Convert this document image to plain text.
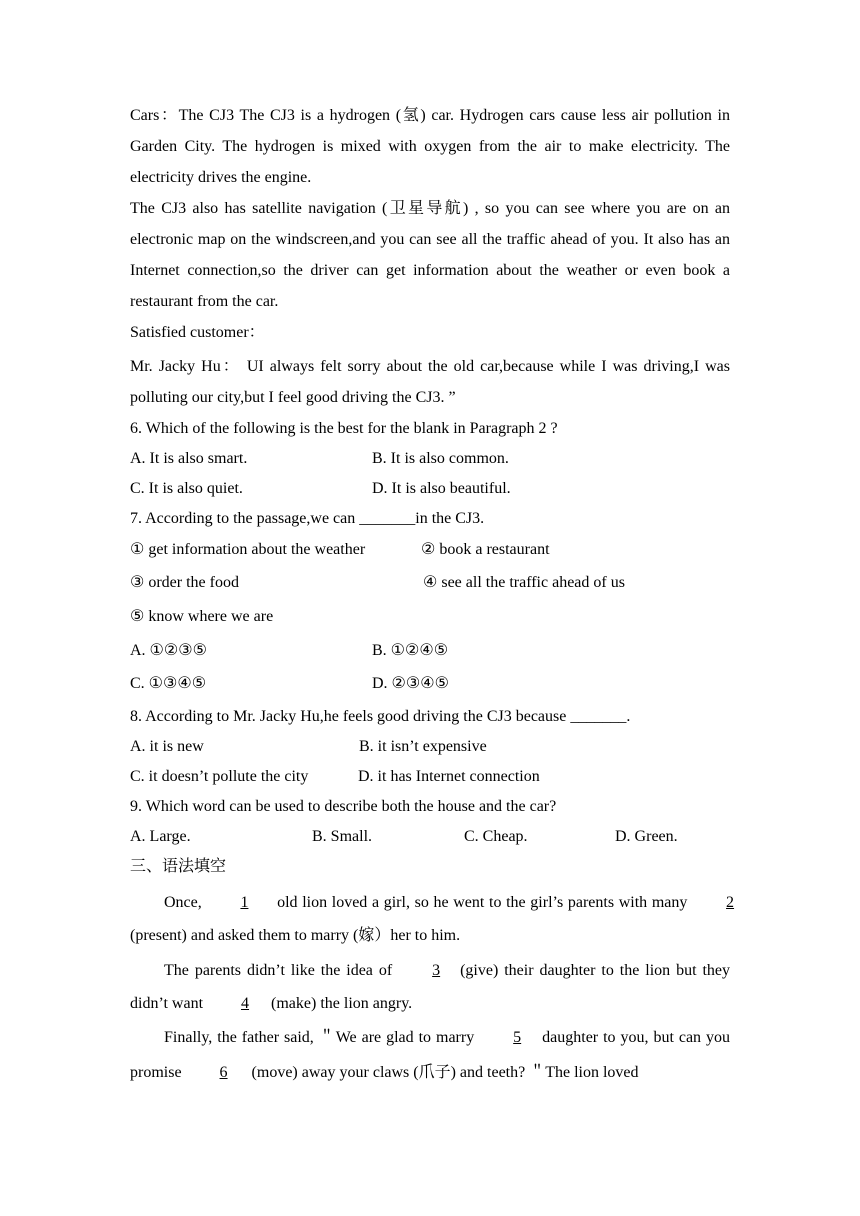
Cars：The CJ3 The CJ3 is a hydrogen (氢) car. Hydrogen cars cause less air pollution in Garden City. The hydrogen is mixed with oxygen from the air to make electricity. The electricity drives the engine.
The CJ3 also has satellite navigation (卫星导航) , so you can see where you are on an electronic map on the windscreen,and you can see all the traffic ahead of you. It also has an Internet connection,so the driver can get information about the weather or even book a restaurant from the car.
Satisfied customer：
Mr. Jacky Hu： UI always felt sorry about the old car,because while I was driving,I was polluting our city,but I feel good driving the CJ3. ”
6. Which of the following is the best for the blank in Paragraph 2 ?
A. It is also smart.	B. It is also common.
C. It is also quiet.	D. It is also beautiful.
7. According to the passage,we can _______in the CJ3.
① get information about the weather	② book a restaurant
③ order the food	④ see all the traffic ahead of us
⑤ know where we are
A. ①②③⑤	B. ①②④⑤
C. ①③④⑤	D. ②③④⑤
8. According to Mr. Jacky Hu,he feels good driving the CJ3 because _______.
A. it is new	B. it isn’t expensive
C. it doesn’t pollute the city	D. it has Internet connection
9. Which word can be used to describe both the house and the car?
A. Large.	B. Small.	C. Cheap.	D. Green.
三、语法填空
Once, 1 old lion loved a girl, so he went to the girl’s parents with many 2 (present) and asked them to marry (嫁）her to him.
The parents didn’t like the idea of 3 (give) their daughter to the lion but they didn’t want 4 (make) the lion angry.
Finally, the father said, ＂We are glad to marry 5 daughter to you, but can you promise 6 (move) away your claws (爪子) and teeth? ＂The lion loved
